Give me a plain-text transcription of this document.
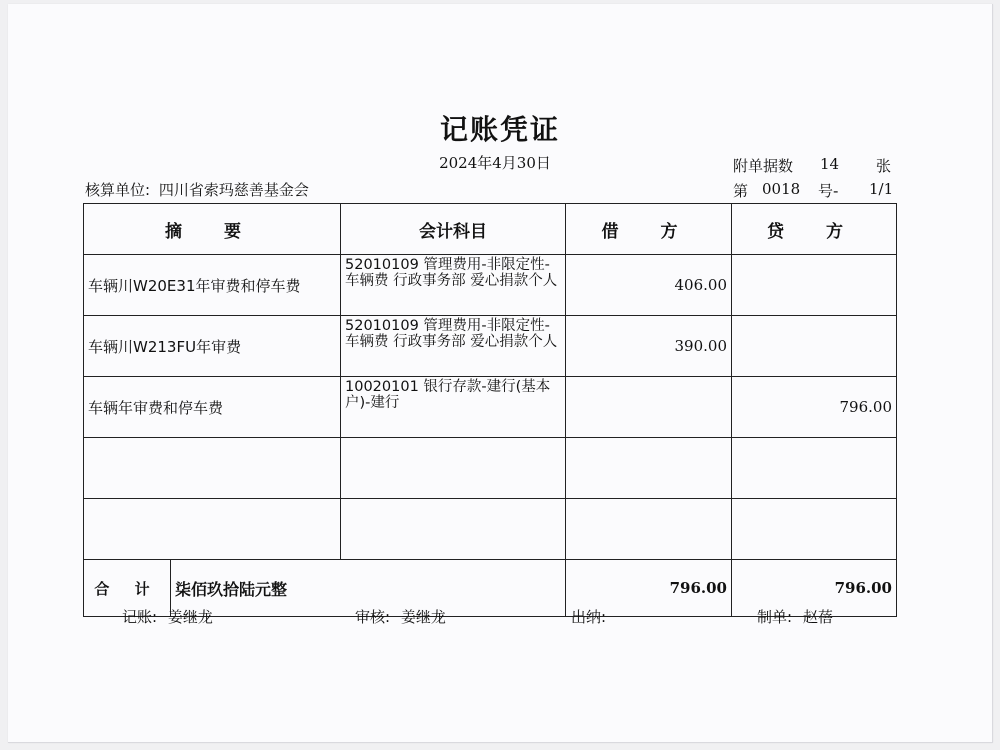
记账凭证
2024年4月30日
核算单位: 四川省索玛慈善基金会
附单据数 14 张
第 0018 号- 1/1
摘 要	会计科目	借 方	贷 方
车辆川W20E31年审费和停车费	52010109 管理费用-非限定性-车辆费 行政事务部 爱心捐款个人	406.00	
车辆川W213FU年审费	52010109 管理费用-非限定性-车辆费 行政事务部 爱心捐款个人	390.00	
车辆年审费和停车费	10020101 银行存款-建行(基本户)-建行		796.00

合 计 柒佰玖拾陆元整		796.00	796.00
记账: 姜继龙	审核: 姜继龙	出纳:	制单: 赵蓓
